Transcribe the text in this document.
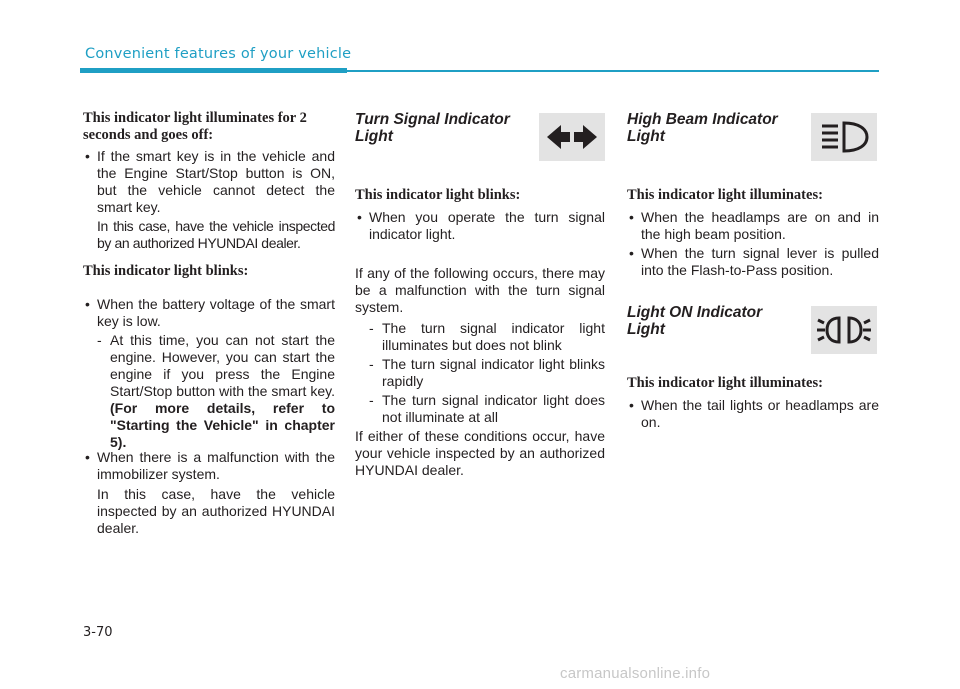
Convenient features of your vehicle
This indicator light illuminates for 2 seconds and goes off:
• If the smart key is in the vehicle and the Engine Start/Stop button is ON, but the vehicle cannot detect the smart key.
In this case, have the vehicle inspected by an authorized HYUNDAI dealer.
This indicator light blinks:
• When the battery voltage of the smart key is low.
- At this time, you can not start the engine. However, you can start the engine if you press the Engine Start/Stop button with the smart key. (For more details, refer to "Starting the Vehicle" in chapter 5).
• When there is a malfunction with the immobilizer system.
In this case, have the vehicle inspected by an authorized HYUNDAI dealer.
Turn Signal Indicator Light
This indicator light blinks:
• When you operate the turn signal indicator light.
If any of the following occurs, there may be a malfunction with the turn signal system.
- The turn signal indicator light illuminates but does not blink
- The turn signal indicator light blinks rapidly
- The turn signal indicator light does not illuminate at all
If either of these conditions occur, have your vehicle inspected by an authorized HYUNDAI dealer.
High Beam Indicator Light
This indicator light illuminates:
• When the headlamps are on and in the high beam position.
• When the turn signal lever is pulled into the Flash-to-Pass position.
Light ON Indicator Light
This indicator light illuminates:
• When the tail lights or headlamps are on.
3-70
carmanualsonline.info
